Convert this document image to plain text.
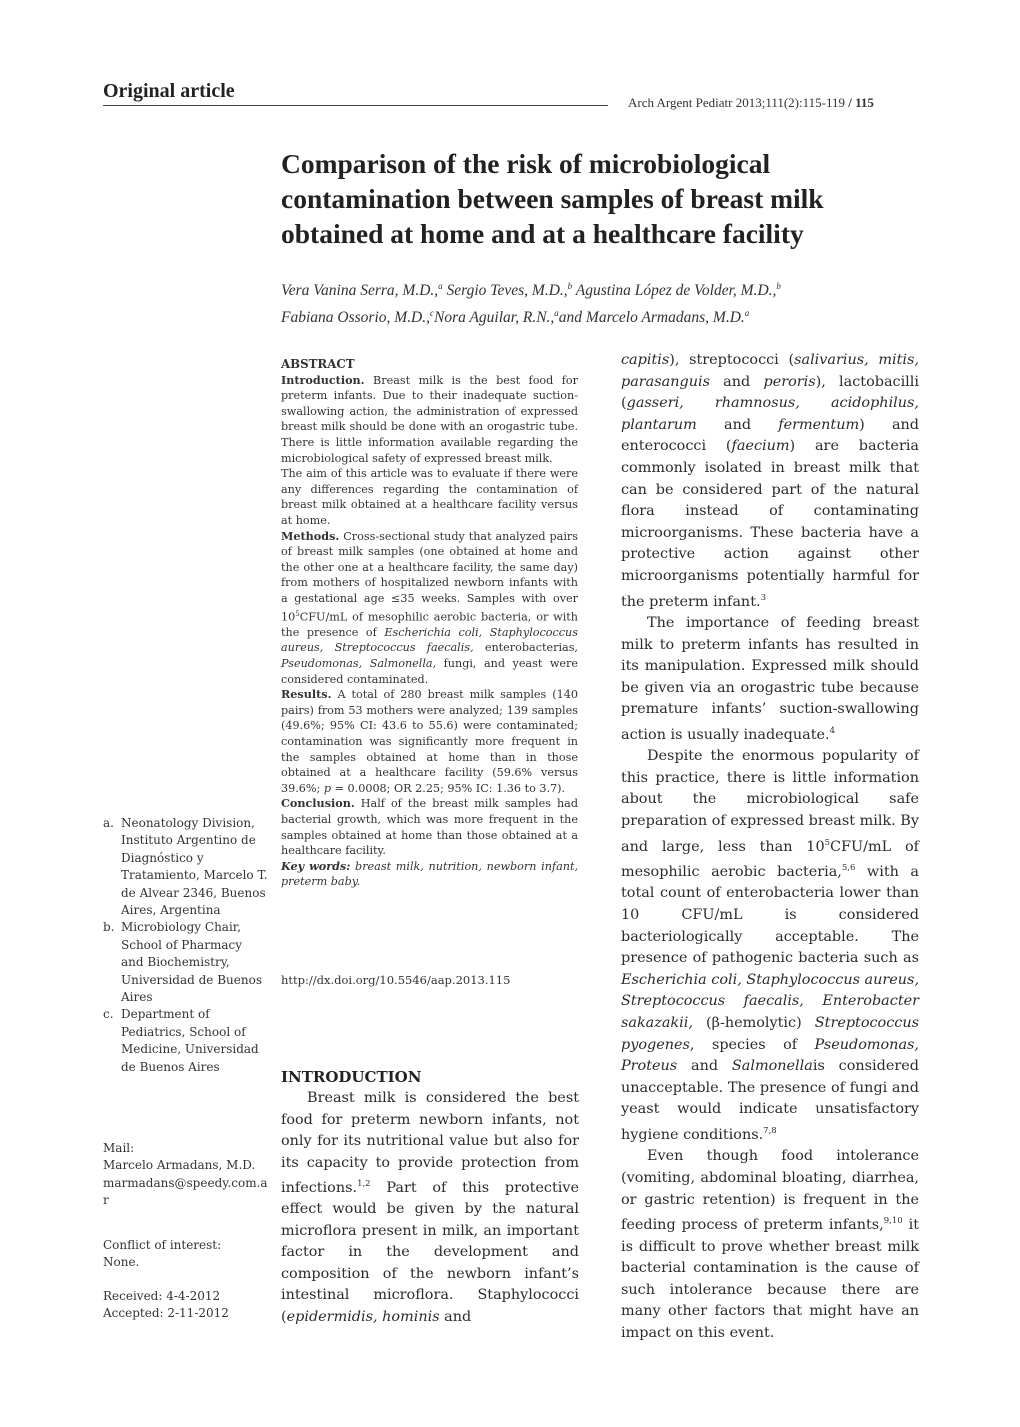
Original article
Arch Argent Pediatr 2013;111(2):115-119 / 115
Comparison of the risk of microbiological contamination between samples of breast milk obtained at home and at a healthcare facility
Vera Vanina Serra, M.D.,$^a$ Sergio Teves, M.D.,$^b$ Agustina López de Volder, M.D.,$^b$
Fabiana Ossorio, M.D.,$^c$Nora Aguilar, R.N.,$^a$and Marcelo Armadans, M.D.$^a$
ABSTRACT

Introduction. Breast milk is the best food for preterm infants. Due to their inadequate suction-swallowing action, the administration of expressed breast milk should be done with an orogastric tube. There is little information available regarding the microbiological safety of expressed breast milk.

The aim of this article was to evaluate if there were any differences regarding the contamination of breast milk obtained at a healthcare facility versus at home.

Methods. Cross-sectional study that analyzed pairs of breast milk samples (one obtained at home and the other one at a healthcare facility, the same day) from mothers of hospitalized newborn infants with a gestational age ≤35 weeks. Samples with over $10^5CFU/mL$ of mesophilic aerobic bacteria, or with the presence of Escherichia coli, Staphylococcus aureus, Streptococcus faecalis, enterobacterias, Pseudomonas, Salmonella, fungi, and yeast were considered contaminated.

Results. A total of 280 breast milk samples (140 pairs) from 53 mothers were analyzed; 139 samples (49.6%; 95% CI: 43.6 to 55.6) were contaminated; contamination was significantly more frequent in the samples obtained at home than in those obtained at a healthcare facility (59.6% versus 39.6%; p = 0.0008; OR 2.25; 95% IC: 1.36 to 3.7).

Conclusion. Half of the breast milk samples had bacterial growth, which was more frequent in the samples obtained at home than those obtained at a healthcare facility.

Key words: breast milk, nutrition, newborn infant, preterm baby.

http://dx.doi.org/10.5546/aap.2013.115
INTRODUCTION

Breast milk is considered the best food for preterm newborn infants, not only for its nutritional value but also for its capacity to provide protection from infections.$^{1,2}$ Part of this protective effect would be given by the natural microflora present in milk, an important factor in the development and composition of the newborn infant’s intestinal microflora. Staphylococci (epidermidis, hominis and

capitis), streptococci (salivarius, mitis, parasanguis and peroris), lactobacilli (gasseri, rhamnosus, acidophilus, plantarum and fermentum) and enterococci (faecium) are bacteria commonly isolated in breast milk that can be considered part of the natural flora instead of contaminating microorganisms. These bacteria have a protective action against other microorganisms potentially harmful for the preterm infant.$^3$

The importance of feeding breast milk to preterm infants has resulted in its manipulation. Expressed milk should be given via an orogastric tube because premature infants’ suction-swallowing action is usually inadequate.$^4$

Despite the enormous popularity of this practice, there is little information about the microbiological safe preparation of expressed breast milk. By and large, less than 10$^5$CFU/mL of mesophilic aerobic bacteria,$^{5,6}$ with a total count of enterobacteria lower than 10 CFU/mL is considered bacteriologically acceptable. The presence of pathogenic bacteria such as Escherichia coli, Staphylococcus aureus, Streptococcus faecalis, Enterobacter sakazakii, (β-hemolytic) Streptococcus pyogenes, species of Pseudomonas, Proteus and Salmonellais considered unacceptable. The presence of fungi and yeast would indicate unsatisfactory hygiene conditions.$^{7,8}$

Even though food intolerance (vomiting, abdominal bloating, diarrhea, or gastric retention) is frequent in the feeding process of preterm infants,$^{9,10}$ it is difficult to prove whether breast milk bacterial contamination is the cause of such intolerance because there are many other factors that might have an impact on this event.

a. Neonatology Division, Instituto Argentino de Diagnóstico y Tratamiento, Marcelo T. de Alvear 2346, Buenos Aires, Argentina
b. Microbiology Chair, School of Pharmacy and Biochemistry, Universidad de Buenos Aires
c. Department of Pediatrics, School of Medicine, Universidad de Buenos Aires
Mail:
Marcelo Armadans, M.D.
marmadans@speedy.com.ar
Conflict of interest:
None.
Received: 4-4-2012
Accepted: 2-11-2012
